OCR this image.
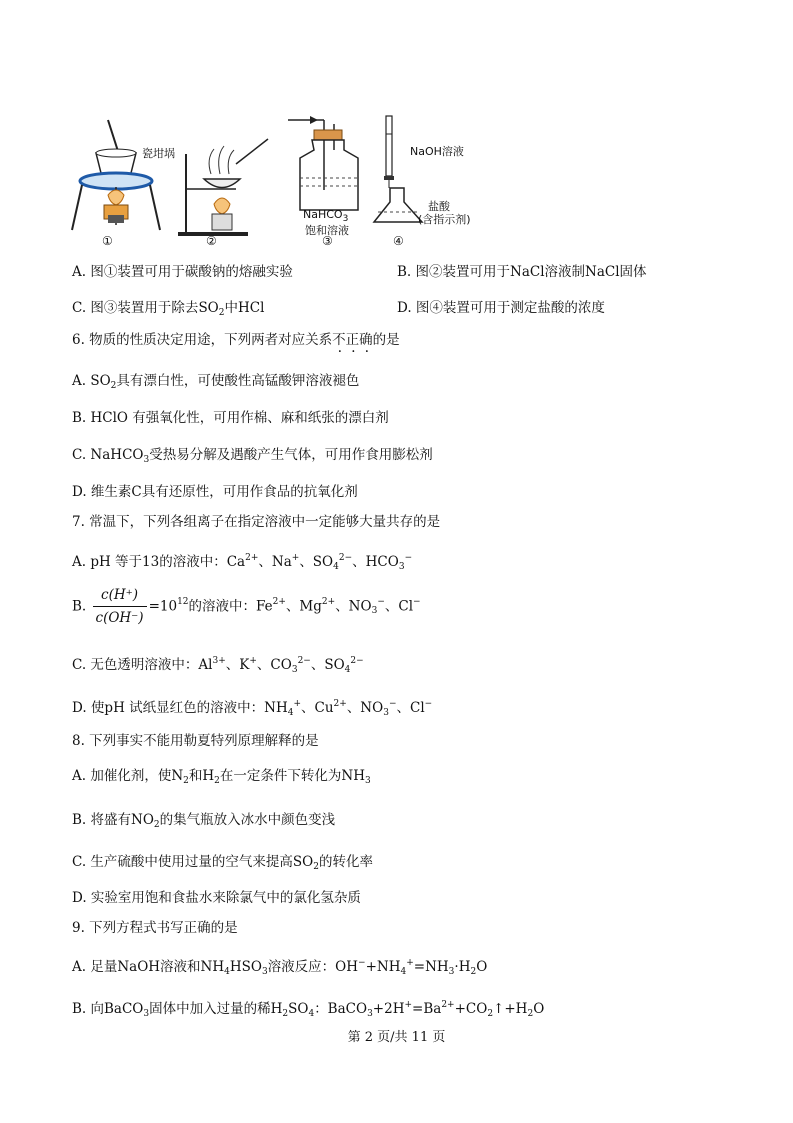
瓷坩埚
①	②
NaHCO$_3$
饱和溶液
③
NaOH溶液
盐酸
(含指示剂)
④
A. 图①装置可用于碳酸钠的熔融实验	B. 图②装置可用于NaCl溶液制NaCl固体
C. 图③装置用于除去$SO_2$中HCl	D. 图④装置可用于测定盐酸的浓度
6. 物质的性质决定用途，下列两者对应关系不正确的是
A. $SO_2$具有漂白性，可使酸性高锰酸钾溶液褪色
B. HClO 有强氧化性，可用作棉、麻和纸张的漂白剂
C. NaHCO$_3$受热易分解及遇酸产生气体，可用作食用膨松剂
D. 维生素C具有还原性，可用作食品的抗氧化剂
7. 常温下，下列各组离子在指定溶液中一定能够大量共存的是
A. pH 等于13的溶液中：$Ca^{2+}$、Na+、$SO_4^{2-}$、$HCO_3^-$
B. $\frac{c(H^+)}{c(OH^-)} =10^{12}$的溶液中：$Fe^{2+}$、$Mg^{2+}$、$NO_3^-$、Cl−
C. 无色透明溶液中：$Al^{3+}$、K+、$CO_3^{2-}$、$SO_4^{2-}$
D. 使pH 试纸显红色的溶液中：$NH_4^+$、$Cu^{2+}$、$NO_3^-$、Cl−
8. 下列事实不能用勒夏特列原理解释的是
A. 加催化剂，使$N_2$和$H_2$在一定条件下转化为$NH_3$
B. 将盛有$NO_2$的集气瓶放入冰水中颜色变浅
C. 生产硫酸中使用过量的空气来提高$SO_2$的转化率
D. 实验室用饱和食盐水来除氯气中的氯化氢杂质
9. 下列方程式书写正确的是
A. 足量NaOH溶液和$NH_4HSO_3$溶液反应：$OH^-+NH_4^+=NH_3\cdot H_2O$
B. 向BaCO$_3$固体中加入过量的稀$H_2SO_4$：$BaCO_3+2H^+=Ba^{2+}+CO_2↑+H_2O$
第 2 页/共 11 页
